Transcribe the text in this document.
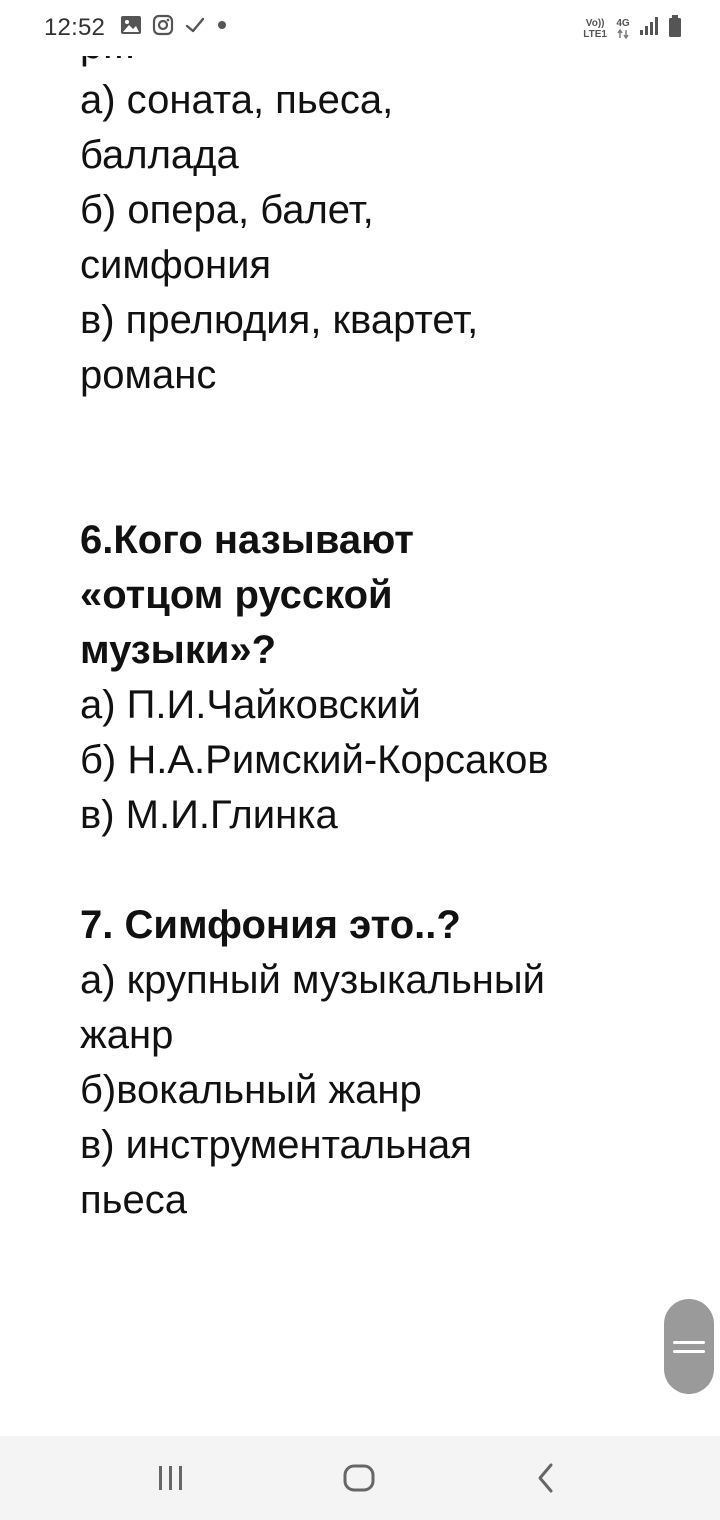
12:52	Vo))
LTE1
4G
а) соната, пьеса,
баллада
б) опера, балет,
симфония
в) прелюдия, квартет,
романс
6.Кого называют
«отцом русской
музыки»?
а) П.И.Чайковский
б) Н.А.Римский-Корсаков
в) М.И.Глинка
7. Симфония это..?
а) крупный музыкальный
жанр
б)вокальный жанр
в) инструментальная
пьеса
